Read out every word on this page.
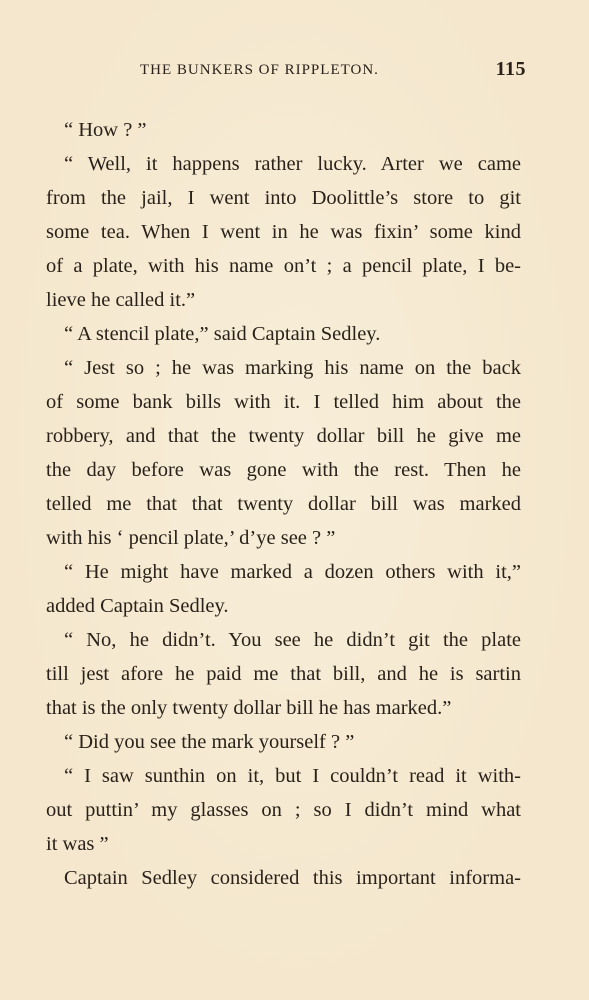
THE BUNKERS OF RIPPLETON.	115
“ How ? ”
“ Well, it happens rather lucky. Arter we came
from the jail, I went into Doolittle’s store to git
some tea. When I went in he was fixin’ some kind
of a plate, with his name on’t ; a pencil plate, I be-
lieve he called it.”
“ A stencil plate,” said Captain Sedley.
“ Jest so ; he was marking his name on the back
of some bank bills with it. I telled him about the
robbery, and that the twenty dollar bill he give me
the day before was gone with the rest. Then he
telled me that that twenty dollar bill was marked
with his ‘ pencil plate,’ d’ye see ? ”
“ He might have marked a dozen others with it,”
added Captain Sedley.
“ No, he didn’t. You see he didn’t git the plate
till jest afore he paid me that bill, and he is sartin
that is the only twenty dollar bill he has marked.”
“ Did you see the mark yourself ? ”
“ I saw sunthin on it, but I couldn’t read it with-
out puttin’ my glasses on ; so I didn’t mind what
it was ”
Captain Sedley considered this important informa-
